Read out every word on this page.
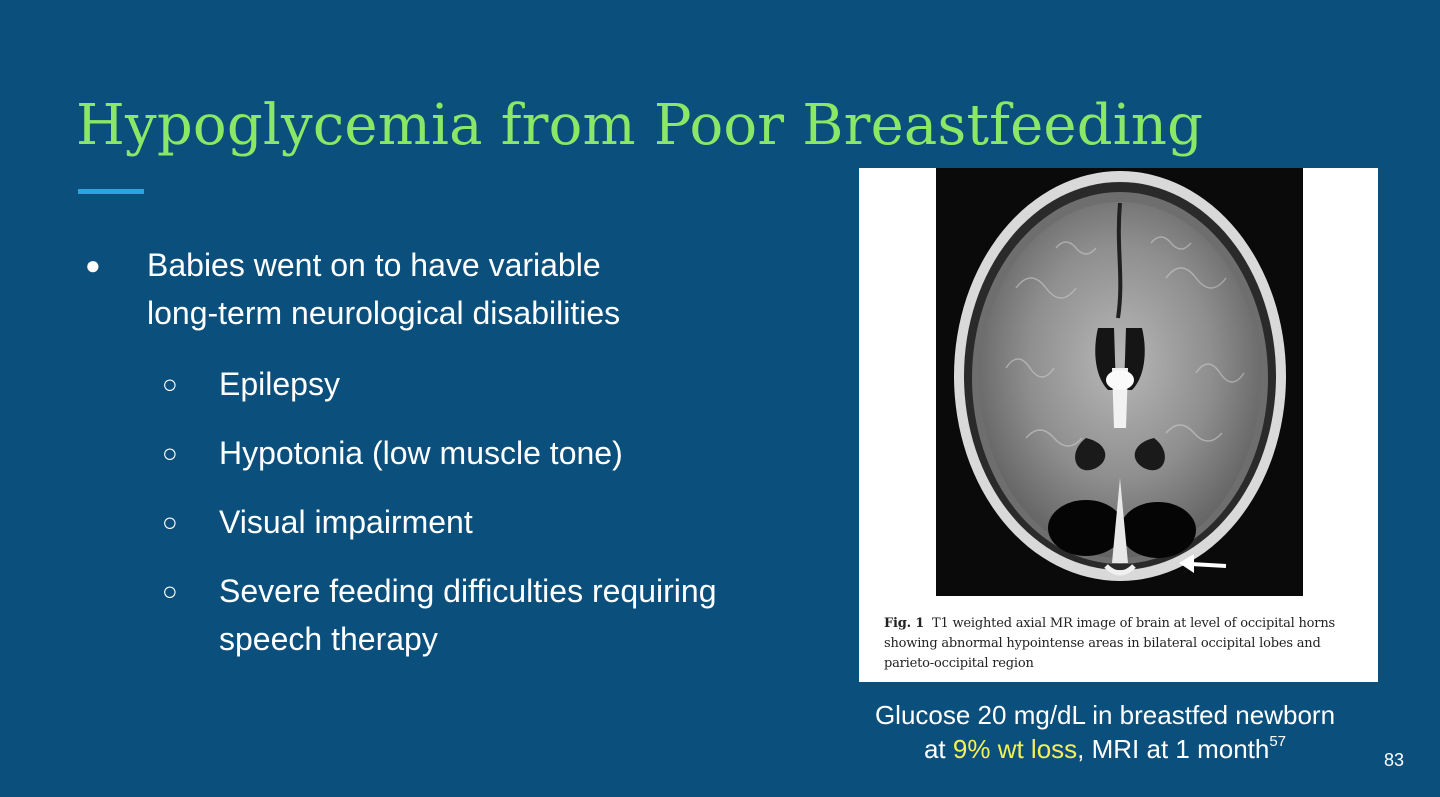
Hypoglycemia from Poor Breastfeeding
●	Babies went on to have variable
long-term neurological disabilities
○	Epilepsy
○	Hypotonia (low muscle tone)
○	Visual impairment
○	Severe feeding difficulties requiring
speech therapy	Fig. 1 T1 weighted axial MR image of brain at level of occipital horns showing abnormal hypointense areas in bilateral occipital lobes and parieto-occipital region
Glucose 20 mg/dL in breastfed newborn
at 9% wt loss, MRI at 1 month$^{57}$
83
